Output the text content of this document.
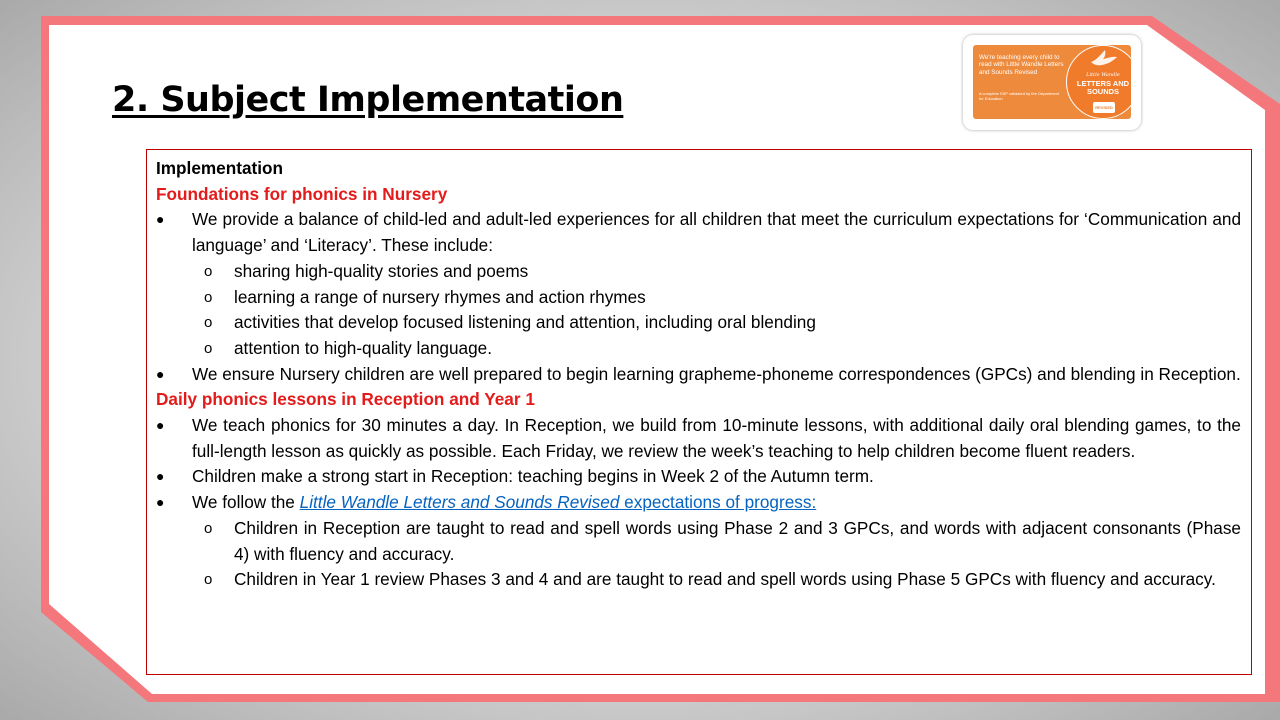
2. Subject Implementation
We're teaching every child to read with Little Wandle Letters and Sounds Revised
A complete SSP validated by the Department for Education
Little Wandle
LETTERS AND SOUNDS
REVISED
Implementation
Foundations for phonics in Nursery
●	We provide a balance of child-led and adult-led experiences for all children that meet the curriculum expectations for ‘Communication and language’ and ‘Literacy’. These include:
o	sharing high-quality stories and poems
o	learning a range of nursery rhymes and action rhymes
o	activities that develop focused listening and attention, including oral blending
o	attention to high-quality language.
●	We ensure Nursery children are well prepared to begin learning grapheme-phoneme correspondences (GPCs) and blending in Reception.
Daily phonics lessons in Reception and Year 1
●	We teach phonics for 30 minutes a day. In Reception, we build from 10-minute lessons, with additional daily oral blending games, to the full-length lesson as quickly as possible. Each Friday, we review the week’s teaching to help children become fluent readers.
●	Children make a strong start in Reception: teaching begins in Week 2 of the Autumn term.
●	We follow the Little Wandle Letters and Sounds Revised expectations of progress:
o	Children in Reception are taught to read and spell words using Phase 2 and 3 GPCs, and words with adjacent consonants (Phase 4) with fluency and accuracy.
o	Children in Year 1 review Phases 3 and 4 and are taught to read and spell words using Phase 5 GPCs with fluency and accuracy.
